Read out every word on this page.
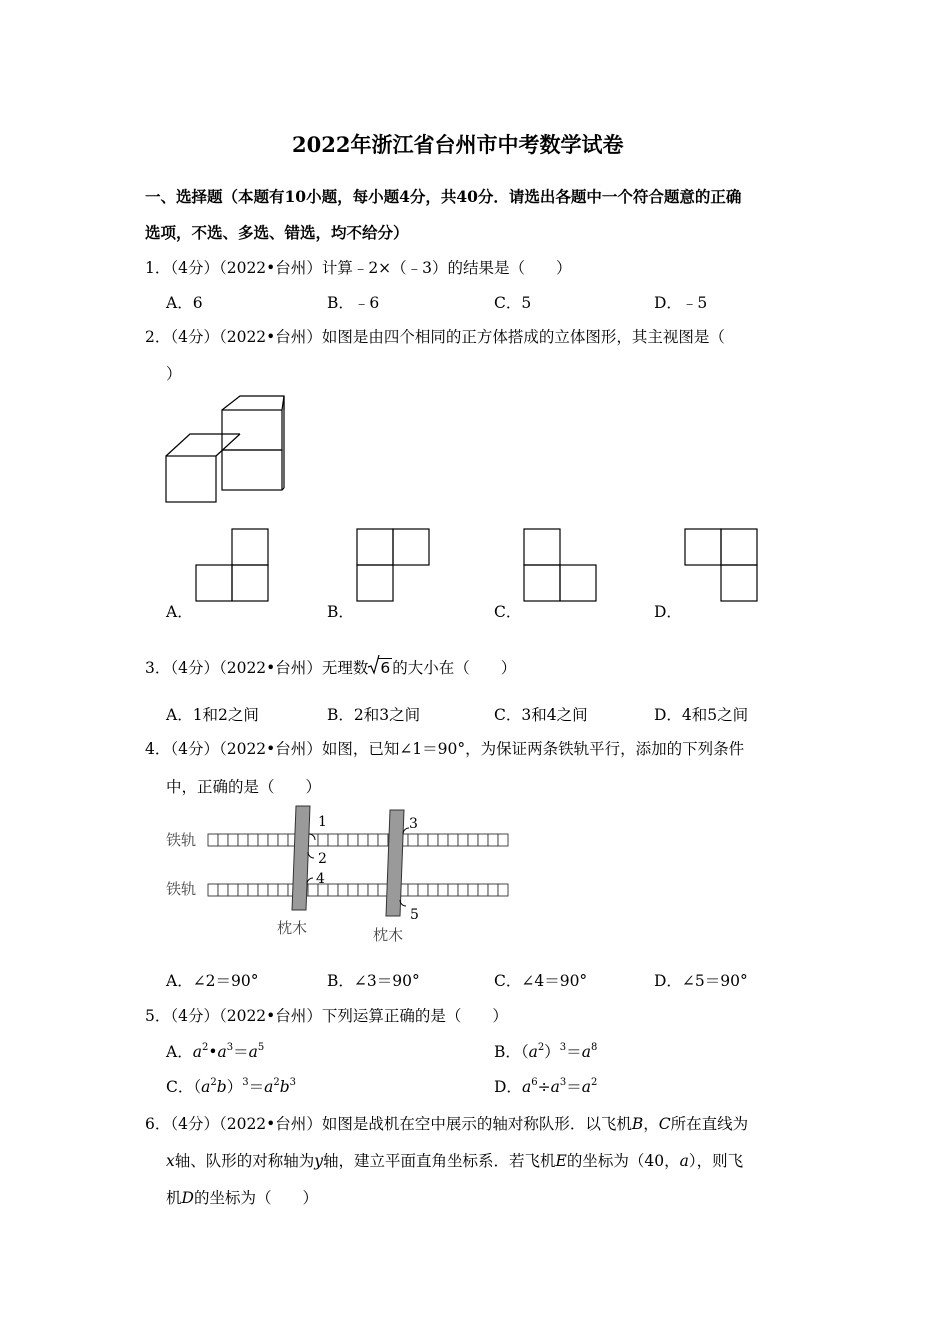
2022年浙江省台州市中考数学试卷
一、选择题（本题有10小题，每小题4分，共40分．请选出各题中一个符合题意的正确
选项，不选、多选、错选，均不给分）
1．（4分）（2022•台州）计算﹣2×（﹣3）的结果是（　　）
A．6	B．﹣6	C．5	D．﹣5
2．（4分）（2022•台州）如图是由四个相同的正方体搭成的立体图形，其主视图是（
）
A．	B．	C．	D．
3．（4分）（2022•台州）无理数 6 的大小在（　　）
A．1和2之间	B．2和3之间	C．3和4之间	D．4和5之间
4．（4分）（2022•台州）如图，已知∠1＝90°，为保证两条铁轨平行，添加的下列条件
中，正确的是（　　）
铁轨
铁轨
枕木	枕木
1
2
3
4
5
A．∠2＝90°	B．∠3＝90°	C．∠4＝90°	D．∠5＝90°
5．（4分）（2022•台州）下列运算正确的是（　　）
A．$a^2•a^3=a^5$	B．$(a^2)^3=a^8$
C．$(a^2b)^3=a^2b^3$	D．$a^6\div a^3=a^2$
6．（4分）（2022•台州）如图是战机在空中展示的轴对称队形．以飞机B，C所在直线为
x轴、队形的对称轴为y轴，建立平面直角坐标系．若飞机E的坐标为（40，a），则飞
机D的坐标为（　　）
